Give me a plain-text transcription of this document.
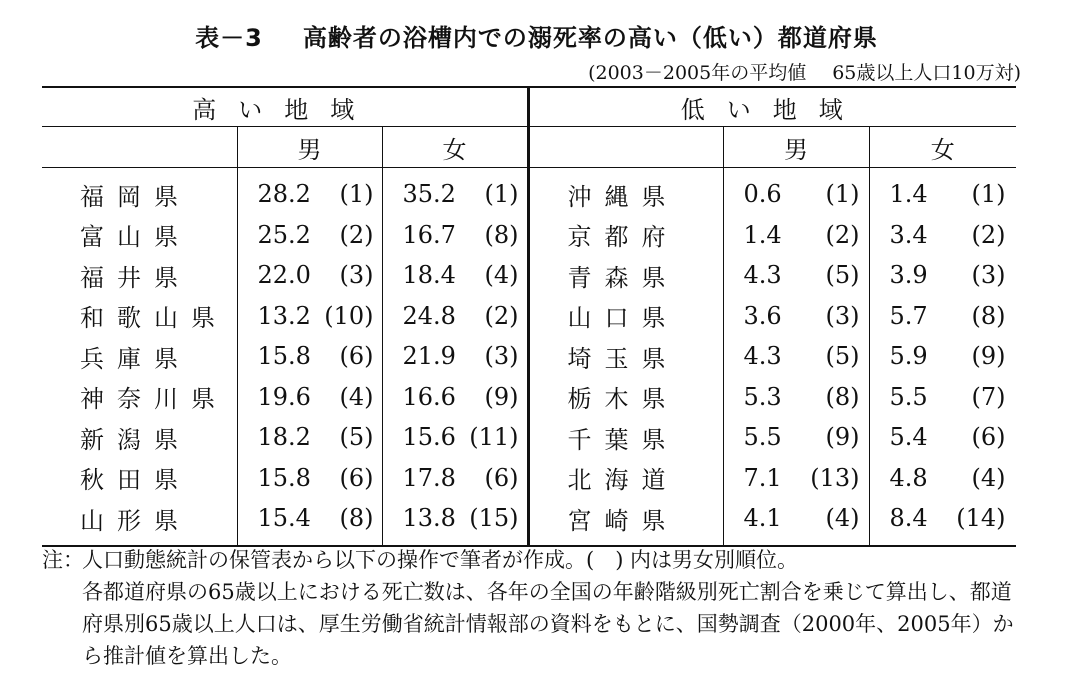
表－3 高齢者の浴槽内での溺死率の高い（低い）都道府県
(2003－2005年の平均値 65歳以上人口10万対)
高い地域			低い地域		
	男	女		男	女
福岡県	28.2 (1)	35.2 (1)	沖縄県	0.6 (1)	1.4 (1)
富山県	25.2 (2)	16.7 (8)	京都府	1.4 (2)	3.4 (2)
福井県	22.0 (3)	18.4 (4)	青森県	4.3 (5)	3.9 (3)
和歌山県	13.2 (10)	24.8 (2)	山口県	3.6 (3)	5.7 (8)
兵庫県	15.8 (6)	21.9 (3)	埼玉県	4.3 (5)	5.9 (9)
神奈川県	19.6 (4)	16.6 (9)	栃木県	5.3 (8)	5.5 (7)
新潟県	18.2 (5)	15.6 (11)	千葉県	5.5 (9)	5.4 (6)
秋田県	15.8 (6)	17.8 (6)	北海道	7.1 (13)	4.8 (4)
山形県	15.4 (8)	13.8 (15)	宮崎県	4.1 (4)	8.4 (14)
注：
人口動態統計の保管表から以下の操作で筆者が作成。(　) 内は男女別順位。
各都道府県の65歳以上における死亡数は、各年の全国の年齢階級別死亡割合を乗じて算出し、都道府県別65歳以上人口は、厚生労働省統計情報部の資料をもとに、国勢調査（2000年、2005年）から推計値を算出した。
